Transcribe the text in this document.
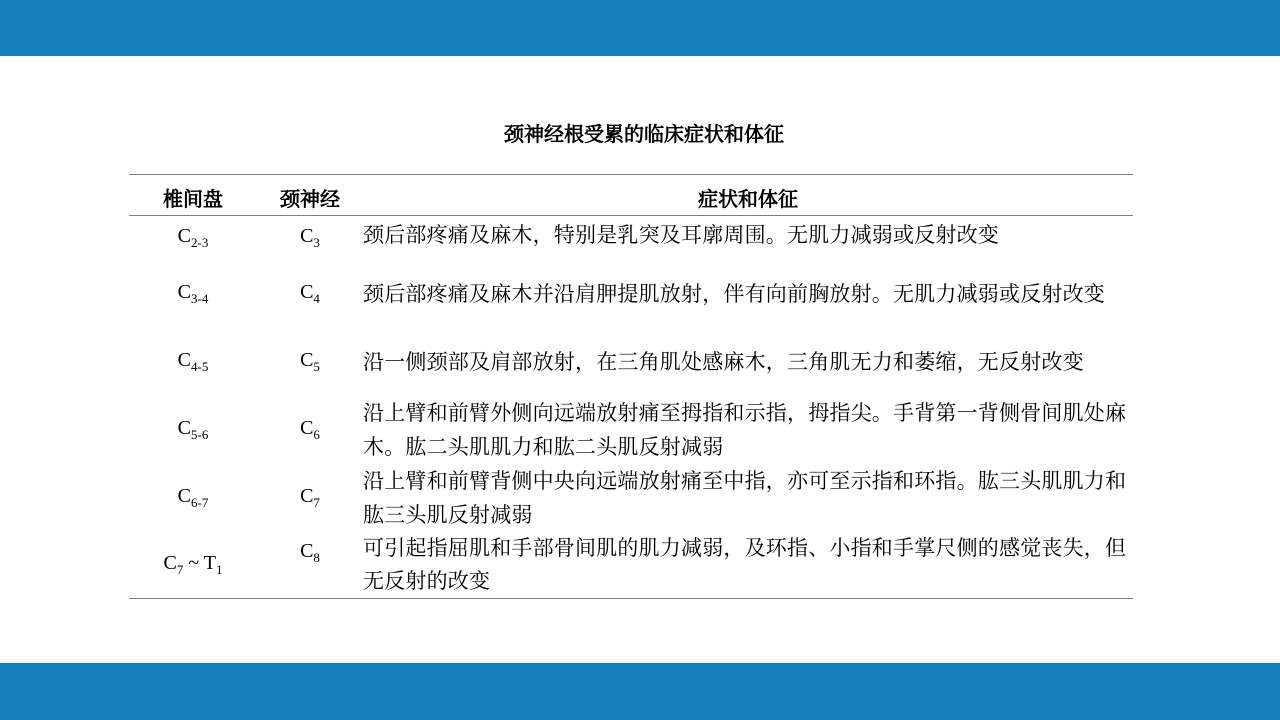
颈神经根受累的临床症状和体征
椎间盘	颈神经	症状和体征
$C_{2-3}$	$C_3$	颈后部疼痛及麻木，特别是乳突及耳廓周围。无肌力减弱或反射改变
$C_{3-4}$	$C_4$	颈后部疼痛及麻木并沿肩胛提肌放射，伴有向前胸放射。无肌力减弱或反射改变
$C_{4-5}$	$C_5$	沿一侧颈部及肩部放射，在三角肌处感麻木，三角肌无力和萎缩，无反射改变
$C_{5-6}$	$C_6$	沿上臂和前臂外侧向远端放射痛至拇指和示指，拇指尖。手背第一背侧骨间肌处麻木。肱二头肌肌力和肱二头肌反射减弱
$C_{6-7}$	$C_7$	沿上臂和前臂背侧中央向远端放射痛至中指，亦可至示指和环指。肱三头肌肌力和肱三头肌反射减弱
$C_7$ ~ $T_1$	$C_8$	可引起指屈肌和手部骨间肌的肌力减弱，及环指、小指和手掌尺侧的感觉丧失，但无反射的改变
